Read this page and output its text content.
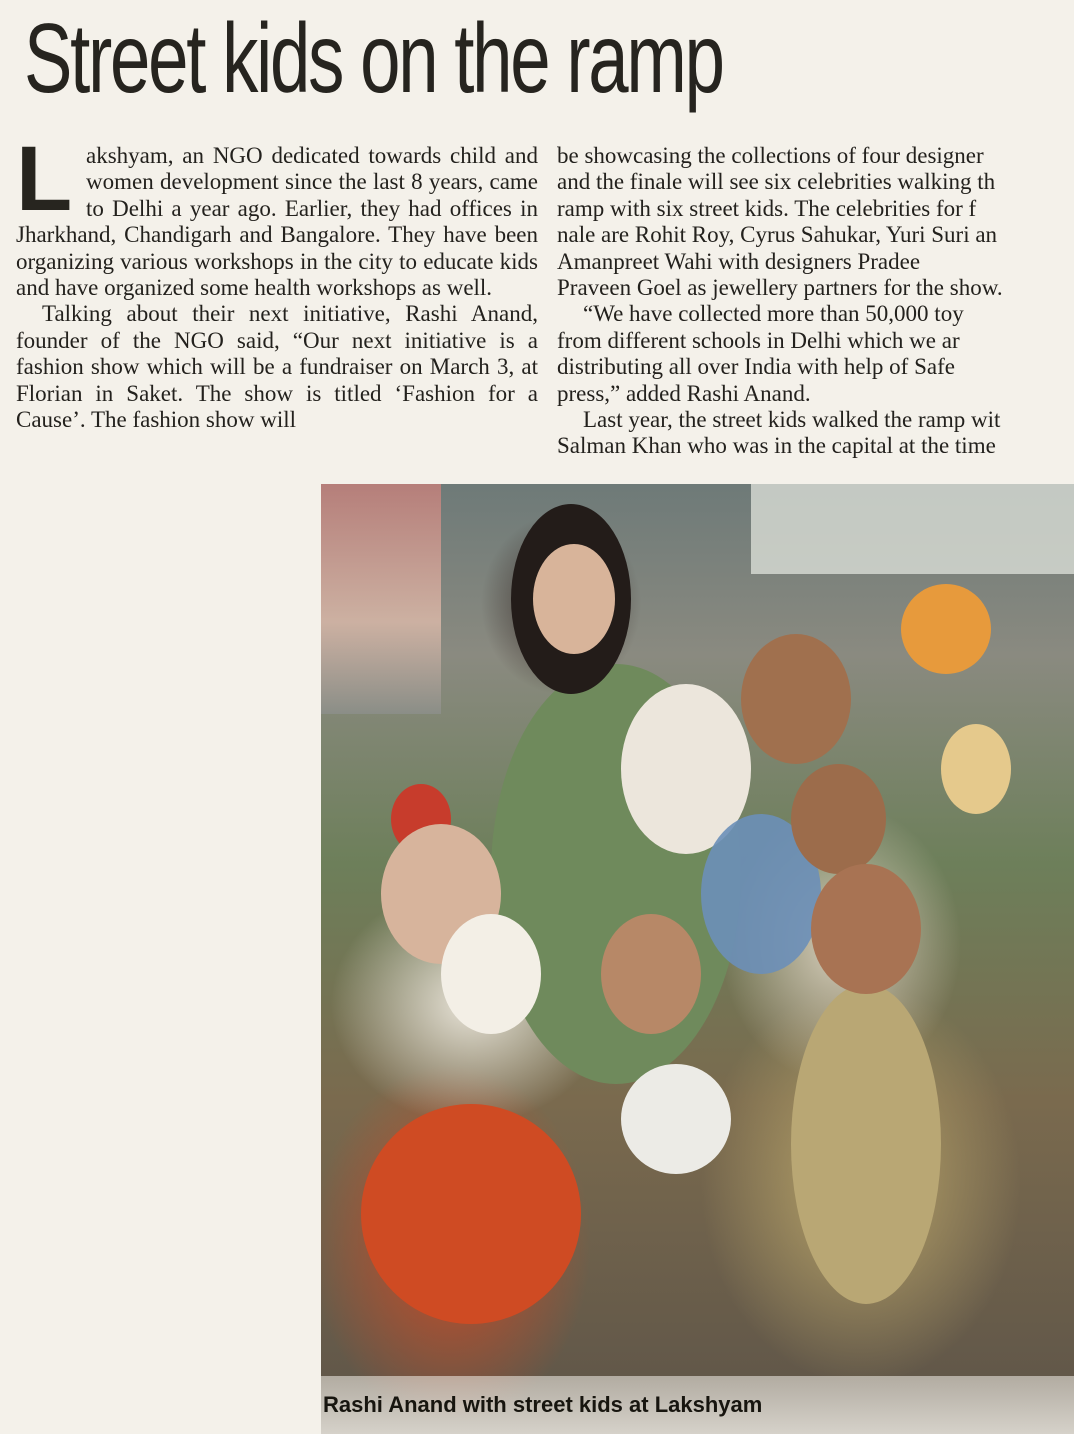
Street kids on the ramp
L akshyam, an NGO dedicated towards child and women development since the last 8 years, came to Delhi a year ago. Earlier, they had offices in Jharkhand, Chandigarh and Bangalore. They have been organizing various workshops in the city to educate kids and have organized some health workshops as well.

Talking about their next initiative, Rashi Anand, founder of the NGO said, “Our next initiative is a fashion show which will be a fundraiser on March 3, at Florian in Saket. The show is titled ‘Fashion for a Cause’. The fashion show will

be showcasing the collections of four designer
and the finale will see six celebrities walking th
ramp with six street kids. The celebrities for f
nale are Rohit Roy, Cyrus Sahukar, Yuri Suri an
Amanpreet Wahi with designers Pradee
Praveen Goel as jewellery partners for the show.
“We have collected more than 50,000 toy
from different schools in Delhi which we ar
distributing all over India with help of Safe
press,” added Rashi Anand.
Last year, the street kids walked the ramp wit
Salman Khan who was in the capital at the time
Rashi Anand with street kids at Lakshyam
